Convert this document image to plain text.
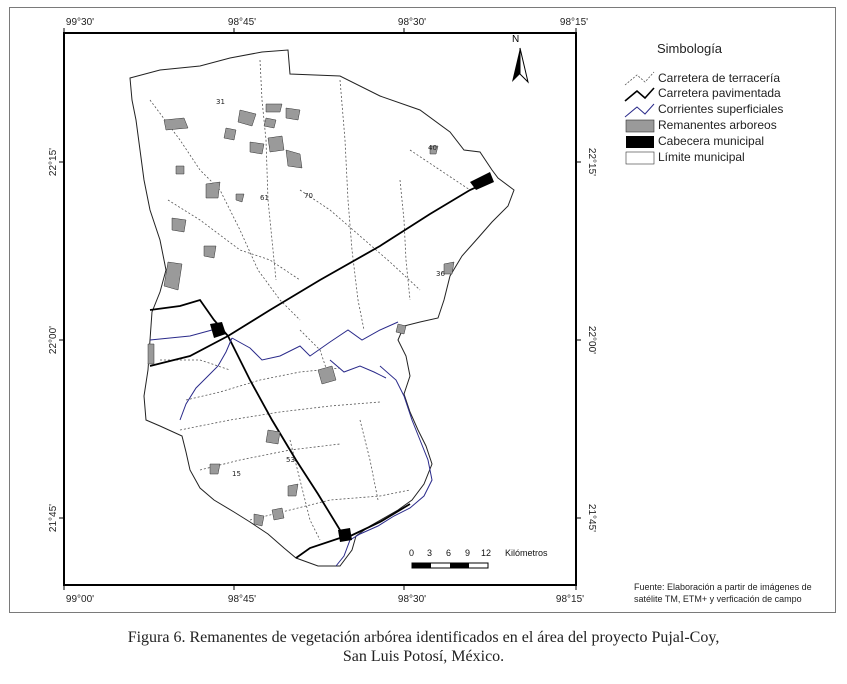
99°30'	98°45'	98°30'	98°15'
99°00'	98°45'	98°30'	98°15'
22°15'
22°00'
21°45'
22°15'
22°00'
21°45'
31
40
70
61
36
53
15
N
Simbología
Carretera de terracería
Carretera pavimentada
Corrientes superficiales
Remanentes arboreos
Cabecera municipal
Límite municipal
0 3 6 9 12 Kilómetros
Fuente: Elaboración a partir de imágenes de satélite TM, ETM+ y verficación de campo
Figura 6. Remanentes de vegetación arbórea identificados en el área del proyecto Pujal-Coy,
San Luis Potosí, México.
